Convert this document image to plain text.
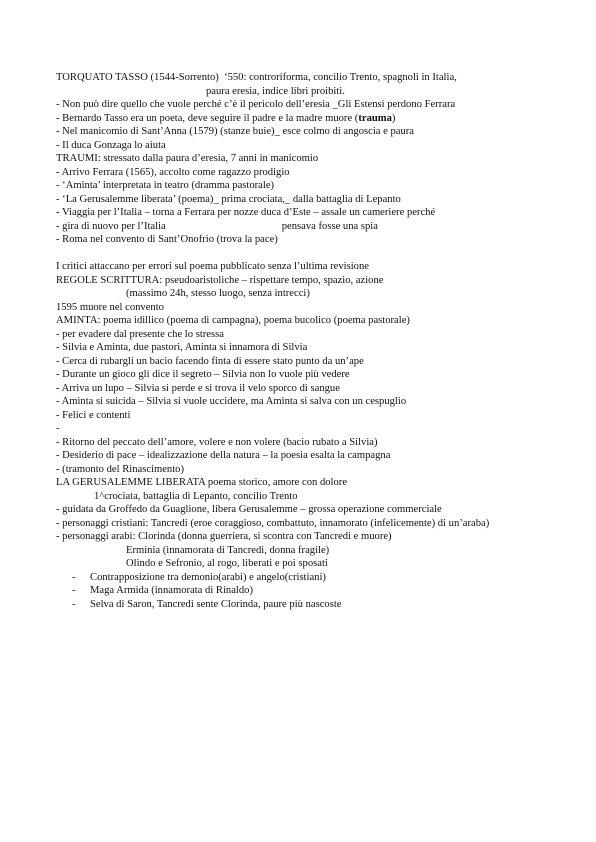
TORQUATO TASSO (1544-Sorrento)  ‘550: controriforma, concilio Trento, spagnoli in Italia,
paura eresia, indice libri proibiti.
- Non può dire quello che vuole perché c’è il pericolo dell’eresia _Gli Estensi perdono Ferrara
- Bernardo Tasso era un poeta, deve seguire il padre e la madre muore (trauma)
- Nel manicomio di Sant’Anna (1579) (stanze buie)_ esce colmo di angoscia e paura
- Il duca Gonzaga lo aiuta
TRAUMI: stressato dalla paura d’eresia, 7 anni in manicomio
- Arrivo Ferrara (1565), accolto come ragazzo prodigio
- ‘Aminta’ interpretata in teatro (dramma pastorale)
- ‘La Gerusalemme liberata’ (poema)_ prima crociata,_ dalla battaglia di Lepanto
- Viaggia per l’Italia – torna a Ferrara per nozze duca d’Este – assale un cameriere perché
- gira di nuovo per l’Italia	pensava fosse una spia
- Roma nel convento di Sant’Onofrio (trova la pace)
I critici attaccano per errori sul poema pubblicato senza l’ultima revisione
REGOLE SCRITTURA: pseudoaristoliche – rispettare tempo, spazio, azione
(massimo 24h, stesso luogo, senza intrecci)
1595 muore nel convento
AMINTA: poema idillico (poema di campagna), poema bucolico (poema pastorale)
- per evadere dal presente che lo stressa
- Silvia e Aminta, due pastori, Aminta si innamora di Silvia
- Cerca di rubargli un bacio facendo finta di essere stato punto da un’ape
- Durante un gioco gli dice il segreto – Silvia non lo vuole più vedere
- Arriva un lupo – Silvia si perde e si trova il velo sporco di sangue
- Aminta si suicida – Silvia si vuole uccidere, ma Aminta si salva con un cespuglio
- Felici e contenti
-
- Ritorno del peccato dell’amore, volere e non volere (bacio rubato a Silvia)
- Desiderio di pace – idealizzazione della natura – la poesia esalta la campagna
- (tramonto del Rinascimento)
LA GERUSALEMME LIBERATA poema storico, amore con dolore
1^crociata, battaglia di Lepanto, concilio Trento
- guidata da Groffedo da Guaglione, libera Gerusalemme – grossa operazione commerciale
- personaggi cristiani: Tancredi (eroe coraggioso, combattuto, innamorato (infelicemente) di un’araba)
- personaggi arabi: Clorinda (donna guerriera, si scontra con Tancredi e muore)
Erminia (innamorata di Tancredi, donna fragile)
Olindo e Sefronio, al rogo, liberati e poi sposati
- Contrapposizione tra demonio(arabi) e angelo(cristiani)
- Maga Armida (innamorata di Rinaldo)
- Selva di Saron, Tancredi sente Clorinda, paure più nascoste
